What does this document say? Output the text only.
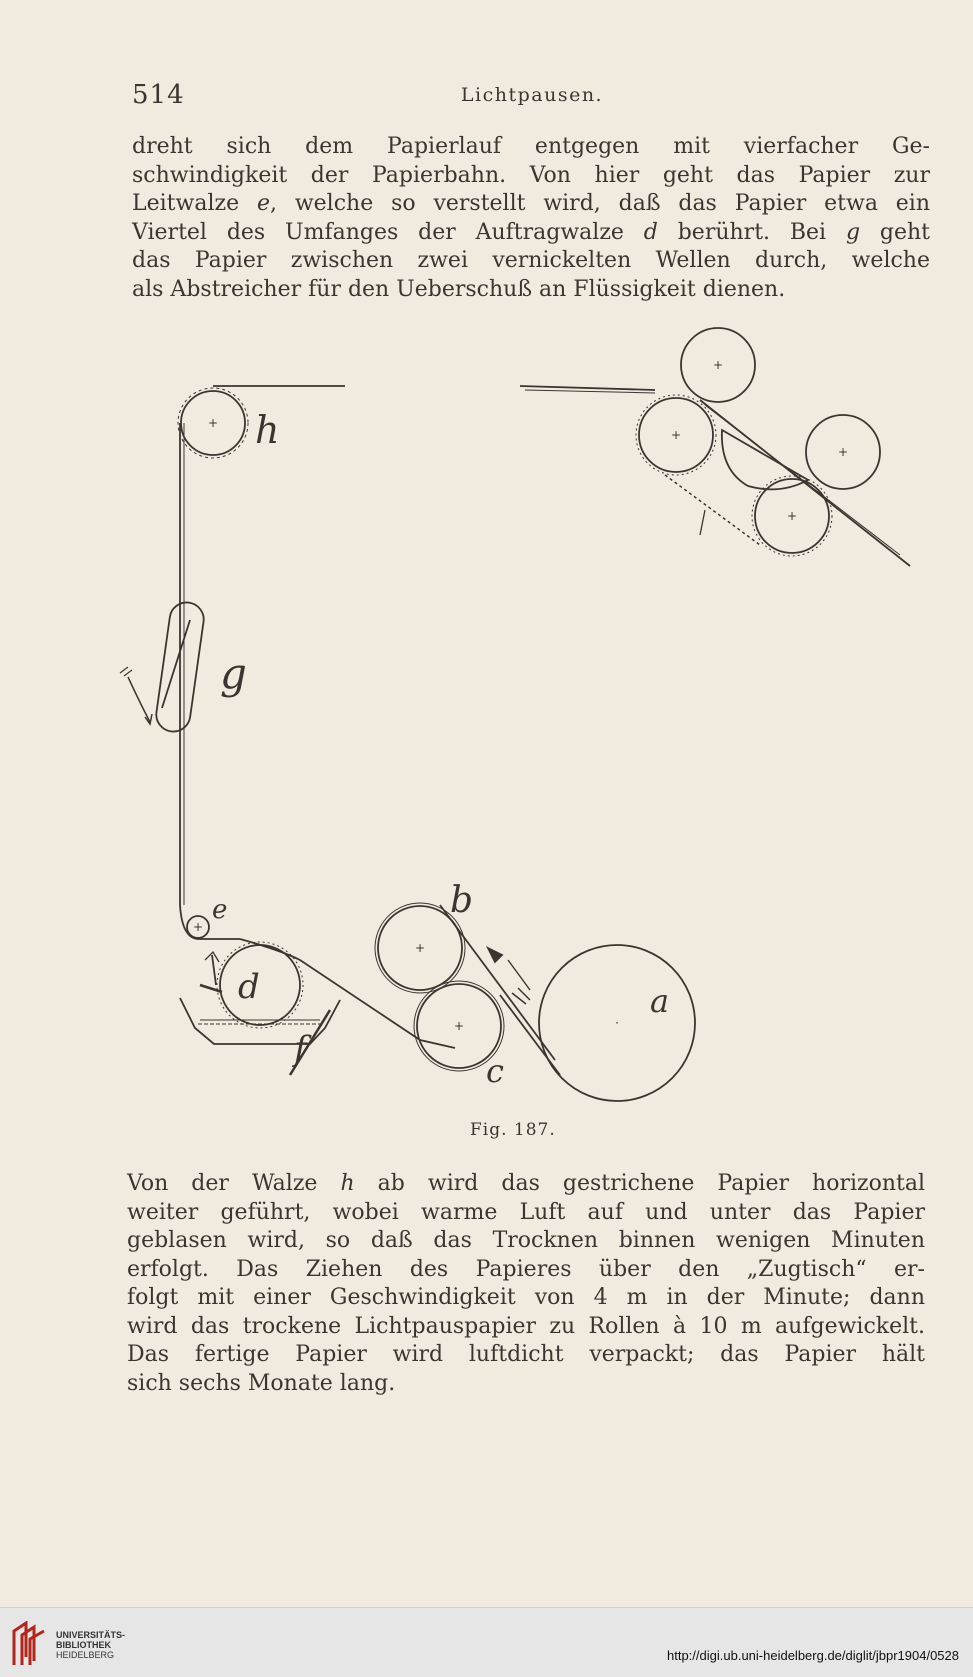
514	Lichtpausen.
dreht sich dem Papierlauf entgegen mit vierfacher Ge-
schwindigkeit der Papierbahn. Von hier geht das Papier zur
Leitwalze e, welche so verstellt wird, daß das Papier etwa ein
Viertel des Umfanges der Auftragwalze d berührt. Bei g geht
das Papier zwischen zwei vernickelten Wellen durch, welche
als Abstreicher für den Ueberschuß an Flüssigkeit dienen.
h
g
e
d
f
b
c
a
+
+
+	·
+
+
+
+
+
Fig. 187.
Von der Walze h ab wird das gestrichene Papier horizontal
weiter geführt, wobei warme Luft auf und unter das Papier
geblasen wird, so daß das Trocknen binnen wenigen Minuten
erfolgt. Das Ziehen des Papieres über den „Zugtisch“ er-
folgt mit einer Geschwindigkeit von 4 m in der Minute; dann
wird das trockene Lichtpauspapier zu Rollen à 10 m aufgewickelt.
Das fertige Papier wird luftdicht verpackt; das Papier hält
sich sechs Monate lang.
UNIVERSITÄTS-
BIBLIOTHEK
HEIDELBERG	http://digi.ub.uni-heidelberg.de/diglit/jbpr1904/0528
